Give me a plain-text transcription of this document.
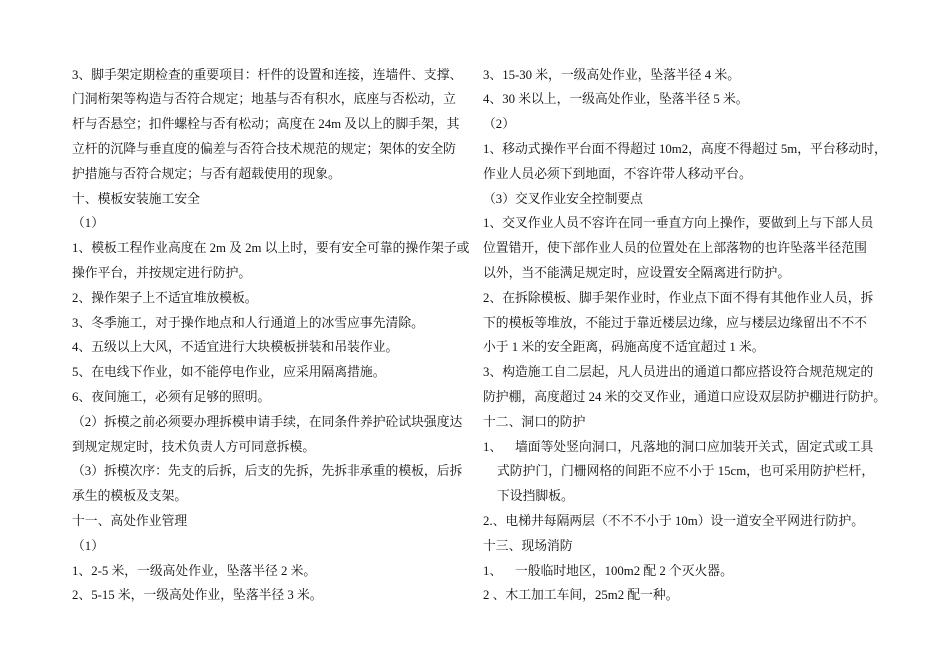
3、脚手架定期检查的重要项目：杆件的设置和连接，连墙件、支撑、
门洞桁架等构造与否符合规定；地基与否有积水，底座与否松动，立
杆与否悬空；扣件螺栓与否有松动；高度在 24m 及以上的脚手架，其
立杆的沉降与垂直度的偏差与否符合技术规范的规定；架体的安全防
护措施与否符合规定；与否有超载使用的现象。
十、模板安装施工安全
（1）
1、模板工程作业高度在 2m 及 2m 以上时，要有安全可靠的操作架子或
操作平台，并按规定进行防护。
2、操作架子上不适宜堆放模板。
3、冬季施工，对于操作地点和人行通道上的冰雪应事先清除。
4、五级以上大风，不适宜进行大块模板拼装和吊装作业。
5、在电线下作业，如不能停电作业，应采用隔离措施。
6、夜间施工，必须有足够的照明。
（2）拆模之前必须要办理拆模申请手续，在同条件养护砼试块强度达
到规定规定时，技术负责人方可同意拆模。
（3）拆模次序：先支的后拆，后支的先拆，先拆非承重的模板，后拆
承生的模板及支架。
十一、高处作业管理
（1）
1、2-5 米，一级高处作业，坠落半径 2 米。
2、5-15 米，一级高处作业，坠落半径 3 米。
3、15-30 米，一级高处作业，坠落半径 4 米。
4、30 米以上，一级高处作业，坠落半径 5 米。
（2）
1、移动式操作平台面不得超过 10m2，高度不得超过 5m，平台移动时，
作业人员必须下到地面，不容许带人移动平台。
（3）交叉作业安全控制要点
1、交叉作业人员不容许在同一垂直方向上操作，要做到上与下部人员
位置错开，使下部作业人员的位置处在上部落物的也许坠落半径范围
以外，当不能满足规定时，应设置安全隔离进行防护。
2、在拆除模板、脚手架作业时，作业点下面不得有其他作业人员，拆
下的模板等堆放，不能过于靠近楼层边缘，应与楼层边缘留出不不不
小于 1 米的安全距离，码施高度不适宜超过 1 米。
3、构造施工自二层起，凡人员进出的通道口都应搭设符合规范规定的
防护棚，高度超过 24 米的交叉作业，通道口应设双层防护棚进行防护。
十二、洞口的防护
1、    墙面等处竖向洞口，凡落地的洞口应加装开关式，固定式或工具
式防护门，门栅网格的间距不应不小于 15cm，也可采用防护栏杆，
下设挡脚板。
2.、电梯井每隔两层（不不不小于 10m）设一道安全平网进行防护。
十三、现场消防
1、    一般临时地区，100m2 配 2 个灭火器。
2 、木工加工车间，25m2 配一种。
